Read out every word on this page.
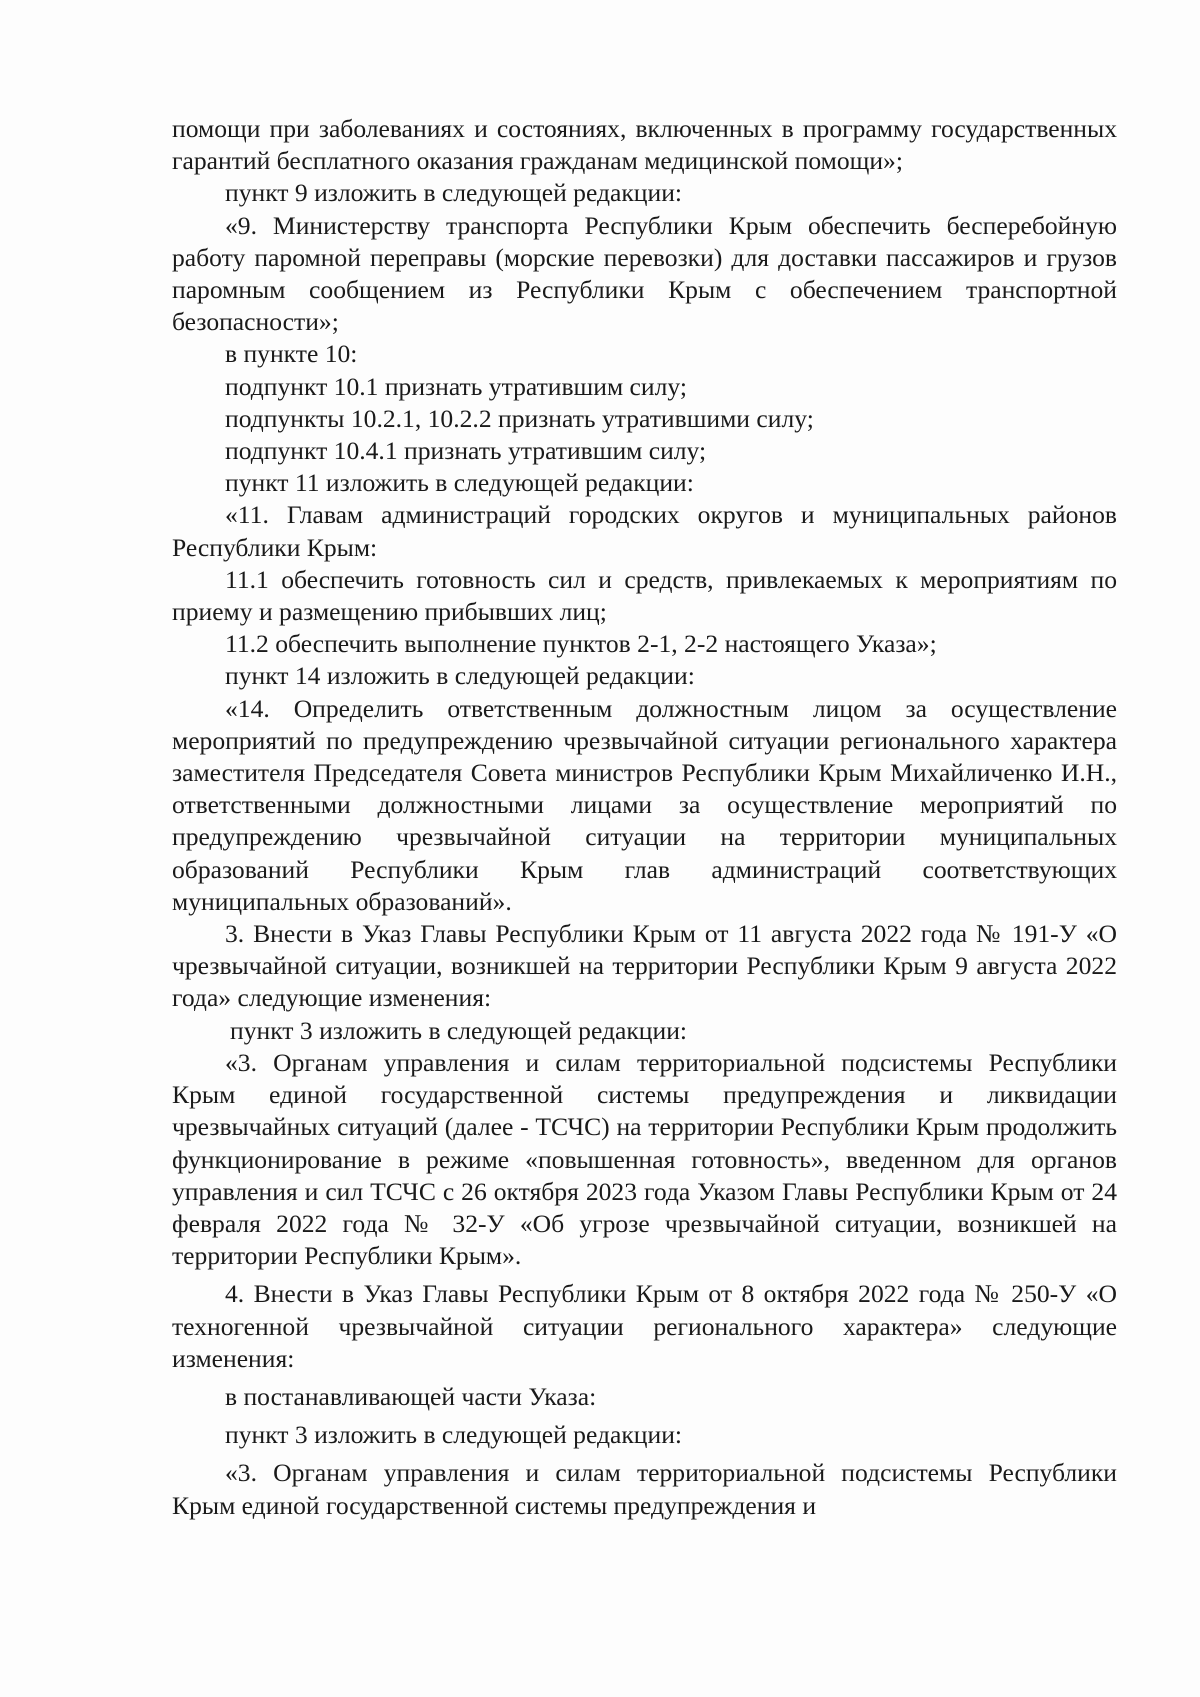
помощи при заболеваниях и состояниях, включенных в программу государственных гарантий бесплатного оказания гражданам медицинской помощи»;

пункт 9 изложить в следующей редакции:

«9. Министерству транспорта Республики Крым обеспечить бесперебойную работу паромной переправы (морские перевозки) для доставки пассажиров и грузов паромным сообщением из Республики Крым с обеспечением транспортной безопасности»;

в пункте 10:

подпункт 10.1 признать утратившим силу;

подпункты 10.2.1, 10.2.2 признать утратившими силу;

подпункт 10.4.1 признать утратившим силу;

пункт 11 изложить в следующей редакции:

«11. Главам администраций городских округов и муниципальных районов Республики Крым:

11.1 обеспечить готовность сил и средств, привлекаемых к мероприятиям по приему и размещению прибывших лиц;

11.2 обеспечить выполнение пунктов 2-1, 2-2 настоящего Указа»;

пункт 14 изложить в следующей редакции:

«14. Определить ответственным должностным лицом за осуществление мероприятий по предупреждению чрезвычайной ситуации регионального характера заместителя Председателя Совета министров Республики Крым Михайличенко И.Н., ответственными должностными лицами за осуществление мероприятий по предупреждению чрезвычайной ситуации на территории муниципальных образований Республики Крым глав администраций соответствующих муниципальных образований».

3. Внести в Указ Главы Республики Крым от 11 августа 2022 года № 191-У «О чрезвычайной ситуации, возникшей на территории Республики Крым 9 августа 2022 года» следующие изменения:

пункт 3 изложить в следующей редакции:

«3. Органам управления и силам территориальной подсистемы Республики Крым единой государственной системы предупреждения и ликвидации чрезвычайных ситуаций (далее - ТСЧС) на территории Республики Крым продолжить функционирование в режиме «повышенная готовность», введенном для органов управления и сил ТСЧС с 26 октября 2023 года Указом Главы Республики Крым от 24 февраля 2022 года № 32-У «Об угрозе чрезвычайной ситуации, возникшей на территории Республики Крым».

4. Внести в Указ Главы Республики Крым от 8 октября 2022 года № 250-У «О техногенной чрезвычайной ситуации регионального характера» следующие изменения:

в постанавливающей части Указа:

пункт 3 изложить в следующей редакции:

«3. Органам управления и силам территориальной подсистемы Республики Крым единой государственной системы предупреждения и
